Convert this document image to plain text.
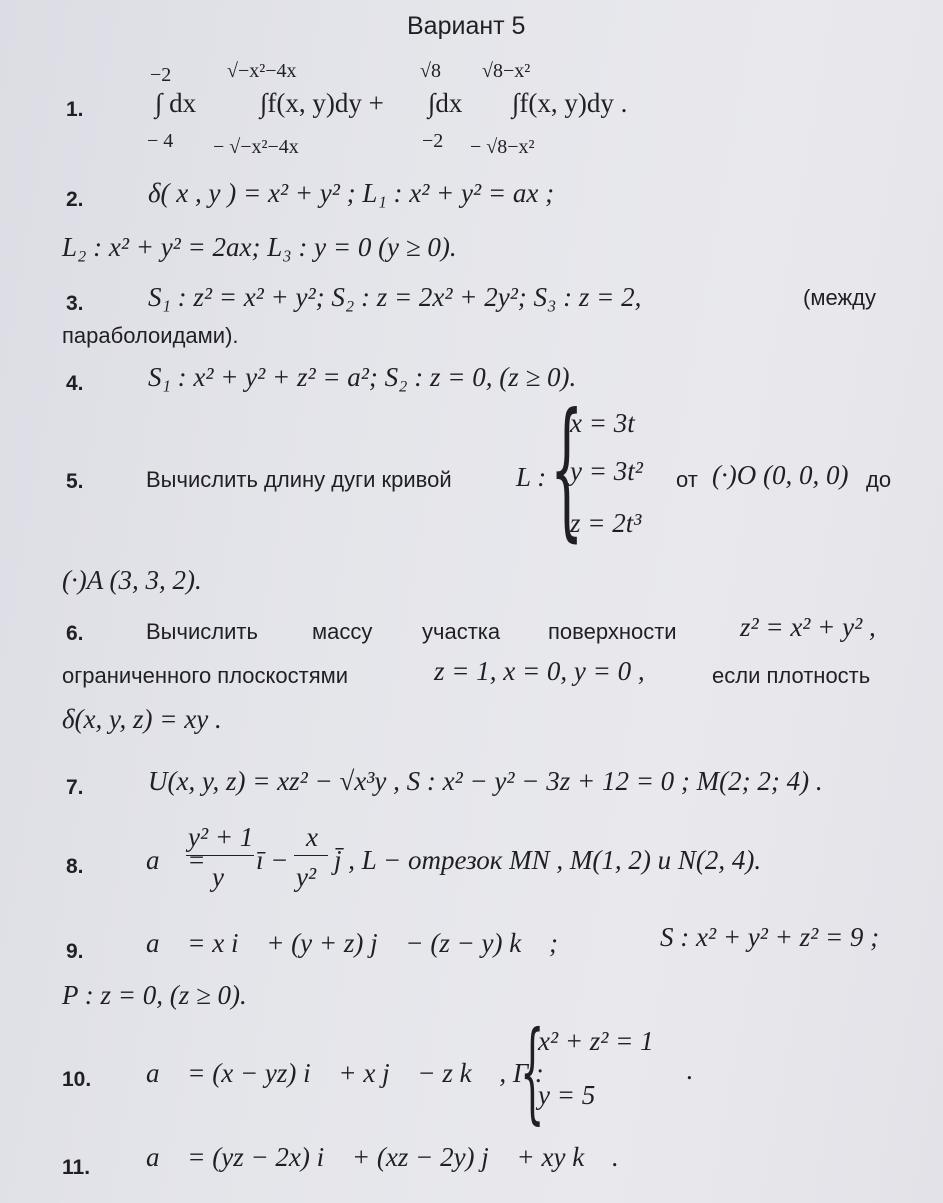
Вариант 5
1.
−2
∫ dx
− 4
√−x²−4x
∫f(x, y)dy +
− √−x²−4x
√8
∫dx
−2
√8−x²
∫f(x, y)dy .
− √8−x²
2. δ( x , y ) = x² + y² ; L₁ : x² + y² = ax ;
L₂ : x² + y² = 2ax; L₃ : y = 0 (y ≥ 0).
3. S₁ : z² = x² + y²; S₂ : z = 2x² + 2y²; S₃ : z = 2,	(между
параболоидами).
4. S₁ : x² + y² + z² = a²; S₂ : z = 0, (z ≥ 0).
5.	Вычислить длину дуги кривой L : {
x = 3t
y = 3t²
z = 2t³
от (·)O (0, 0, 0) до
(·)A (3, 3, 2).
6.	Вычислить массу участка поверхности z² = x² + y² ,
ограниченного плоскостями	z = 1, x = 0, y = 0 ,	если плотность
δ(x, y, z) = xy .
7. U(x, y, z) = xz² − √x³y , S : x² − y² − 3z + 12 = 0 ; M(2; 2; 4) .
8. a⃗ =
y² + 1
y
ī −
x
y²
j̄ , L − отрезок MN , M(1, 2) и N(2, 4).
9. a⃗ = x i⃗ + (y + z) j⃗ − (z − y) k⃗ ;	S : x² + y² + z² = 9 ;
P : z = 0, (z ≥ 0).
10. a⃗ = (x − yz) i⃗ + x j⃗ − z k⃗ , Γ :
{
x² + z² = 1
y = 5
.
11. a⃗ = (yz − 2x) i⃗ + (xz − 2y) j⃗ + xy k⃗ .
